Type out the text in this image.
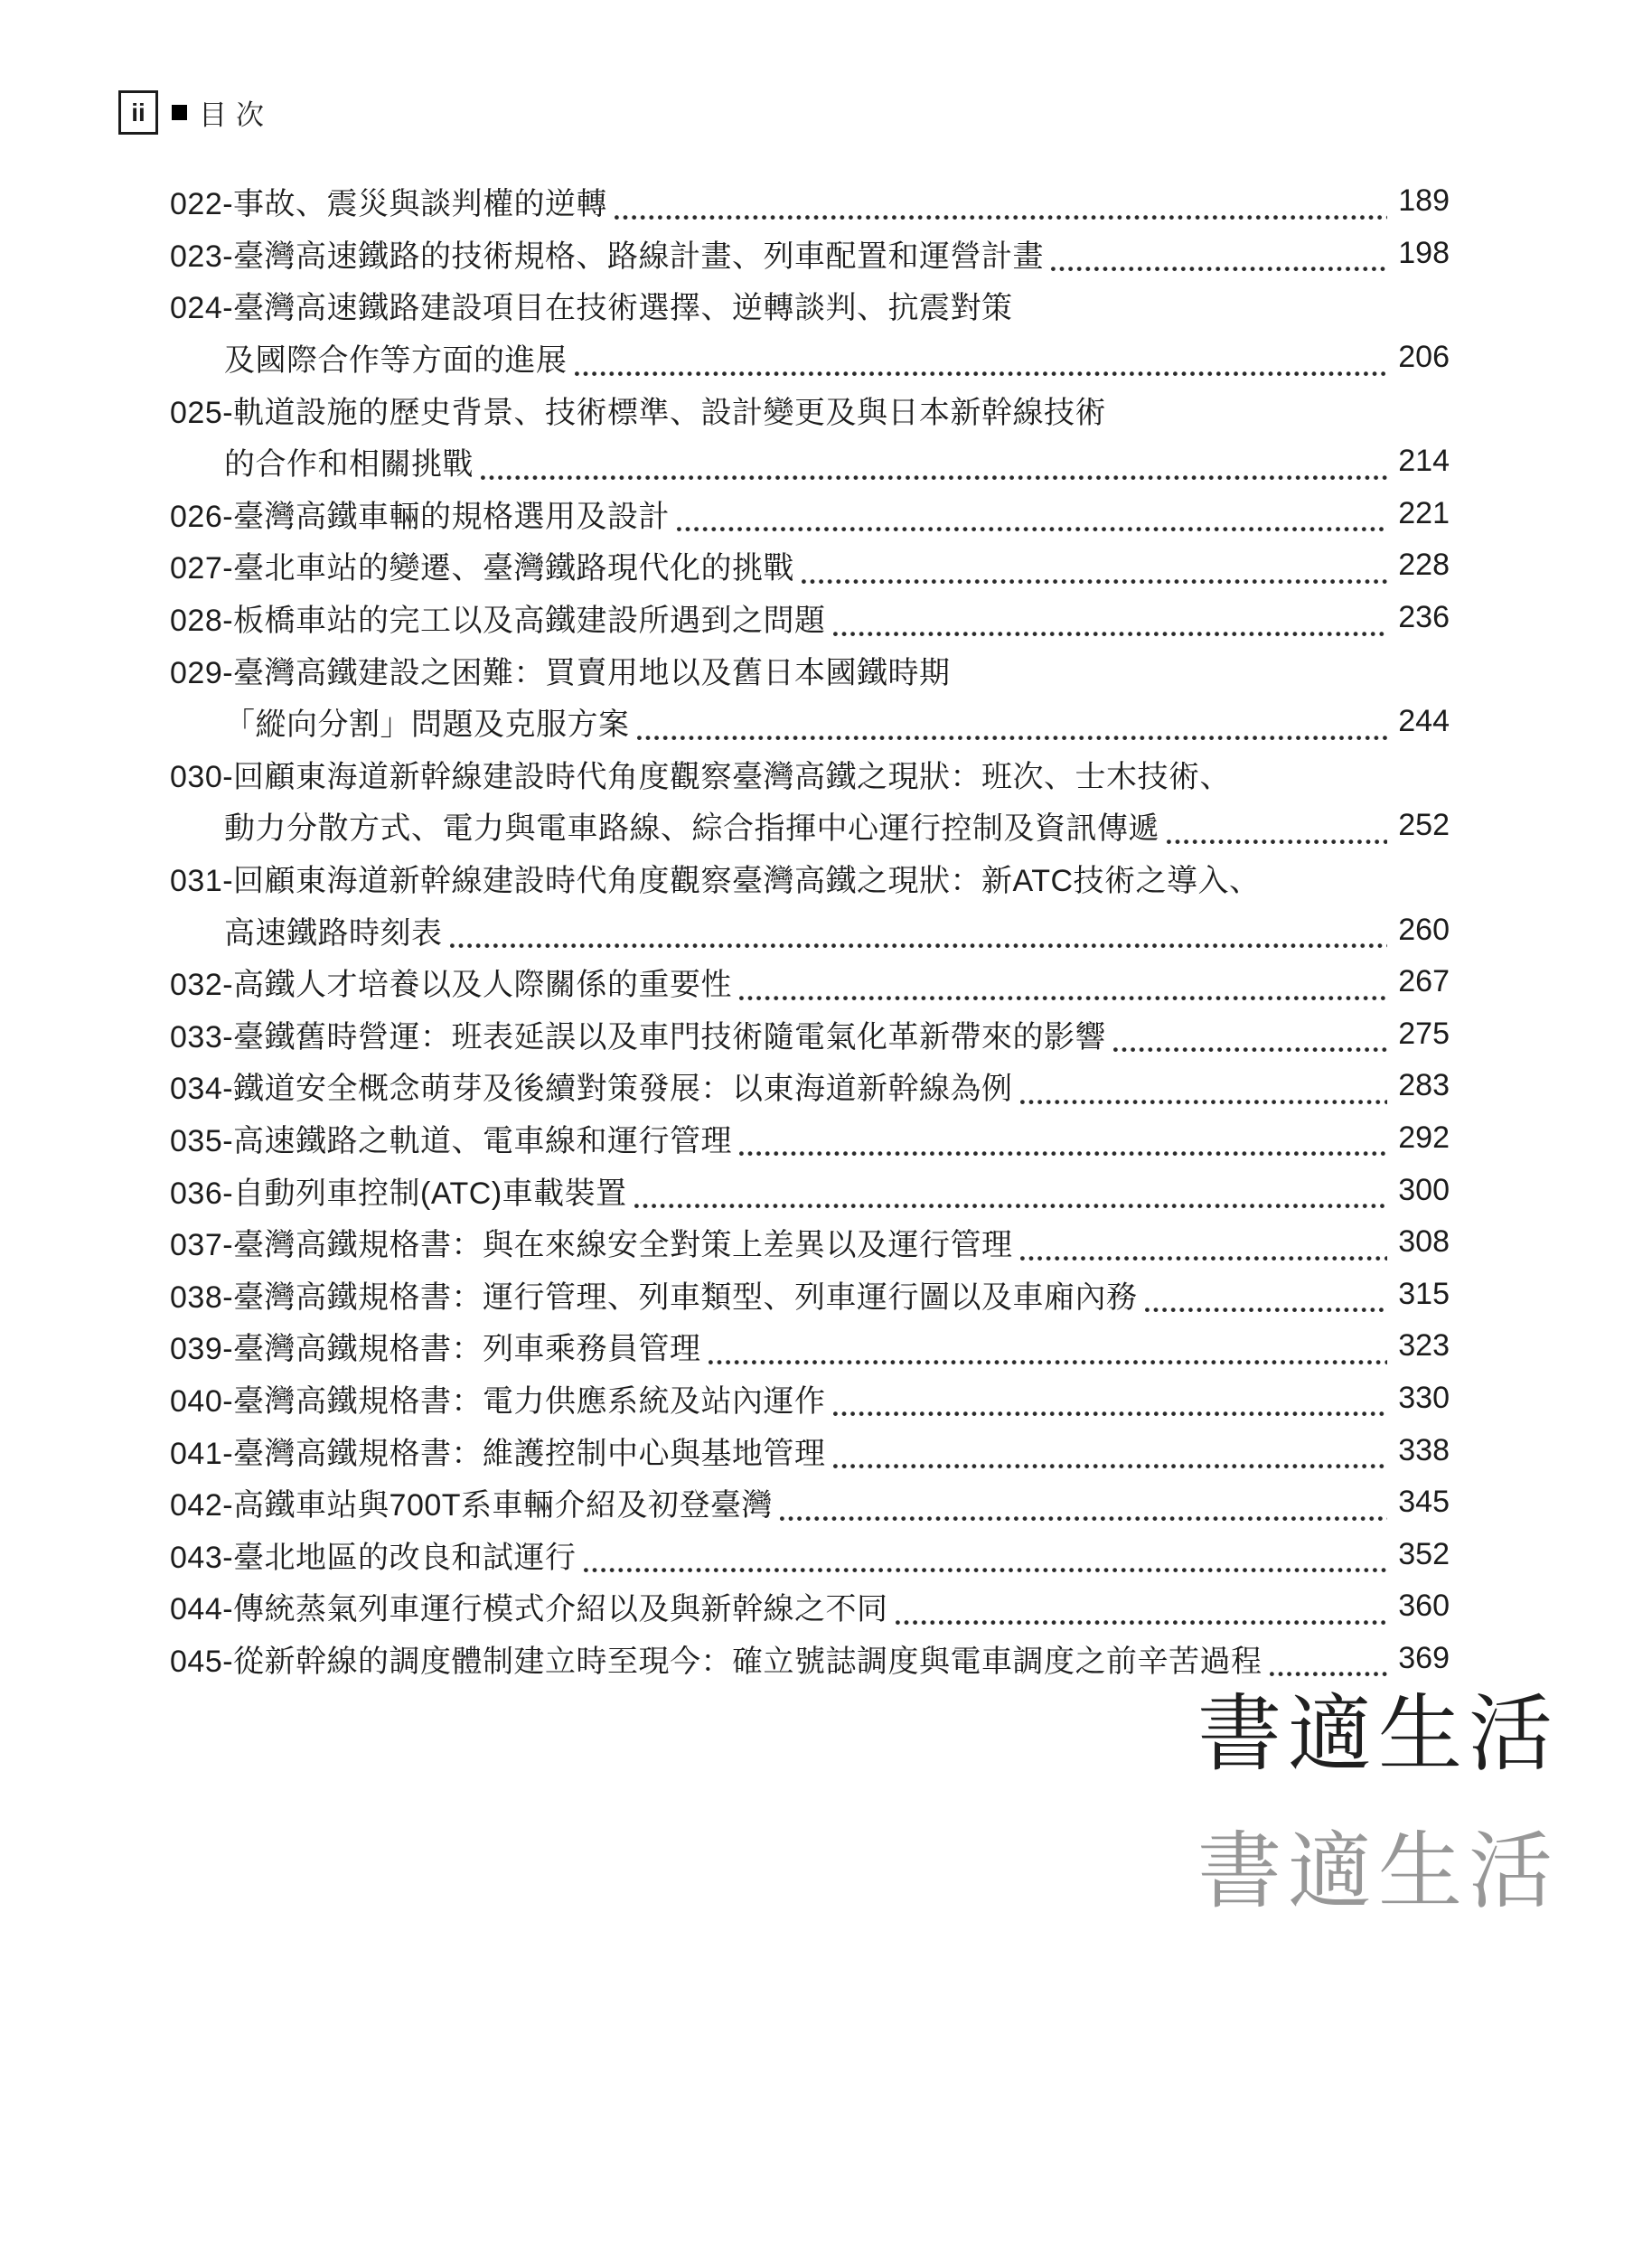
ii 目次
022-事故、震災與談判權的逆轉	189
023-臺灣高速鐵路的技術規格、路線計畫、列車配置和運營計畫	198
024-臺灣高速鐵路建設項目在技術選擇、逆轉談判、抗震對策
及國際合作等方面的進展	206
025-軌道設施的歷史背景、技術標準、設計變更及與日本新幹線技術
的合作和相關挑戰	214
026-臺灣高鐵車輛的規格選用及設計	221
027-臺北車站的變遷、臺灣鐵路現代化的挑戰	228
028-板橋車站的完工以及高鐵建設所遇到之問題	236
029-臺灣高鐵建設之困難：買賣用地以及舊日本國鐵時期
「縱向分割」問題及克服方案	244
030-回顧東海道新幹線建設時代角度觀察臺灣高鐵之現狀：班次、士木技術、
動力分散方式、電力與電車路線、綜合指揮中心運行控制及資訊傳遞	252
031-回顧東海道新幹線建設時代角度觀察臺灣高鐵之現狀：新ATC技術之導入、
高速鐵路時刻表	260
032-高鐵人才培養以及人際關係的重要性	267
033-臺鐵舊時營運：班表延誤以及車門技術隨電氣化革新帶來的影響	275
034-鐵道安全概念萌芽及後續對策發展：以東海道新幹線為例	283
035-高速鐵路之軌道、電車線和運行管理	292
036-自動列車控制(ATC)車載裝置	300
037-臺灣高鐵規格書：與在來線安全對策上差異以及運行管理	308
038-臺灣高鐵規格書：運行管理、列車類型、列車運行圖以及車廂內務	315
039-臺灣高鐵規格書：列車乘務員管理	323
040-臺灣高鐵規格書：電力供應系統及站內運作	330
041-臺灣高鐵規格書：維護控制中心與基地管理	338
042-高鐵車站與700T系車輛介紹及初登臺灣	345
043-臺北地區的改良和試運行	352
044-傳統蒸氣列車運行模式介紹以及與新幹線之不同	360
045-從新幹線的調度體制建立時至現今：確立號誌調度與電車調度之前辛苦過程	369
書適生活
書適生活
